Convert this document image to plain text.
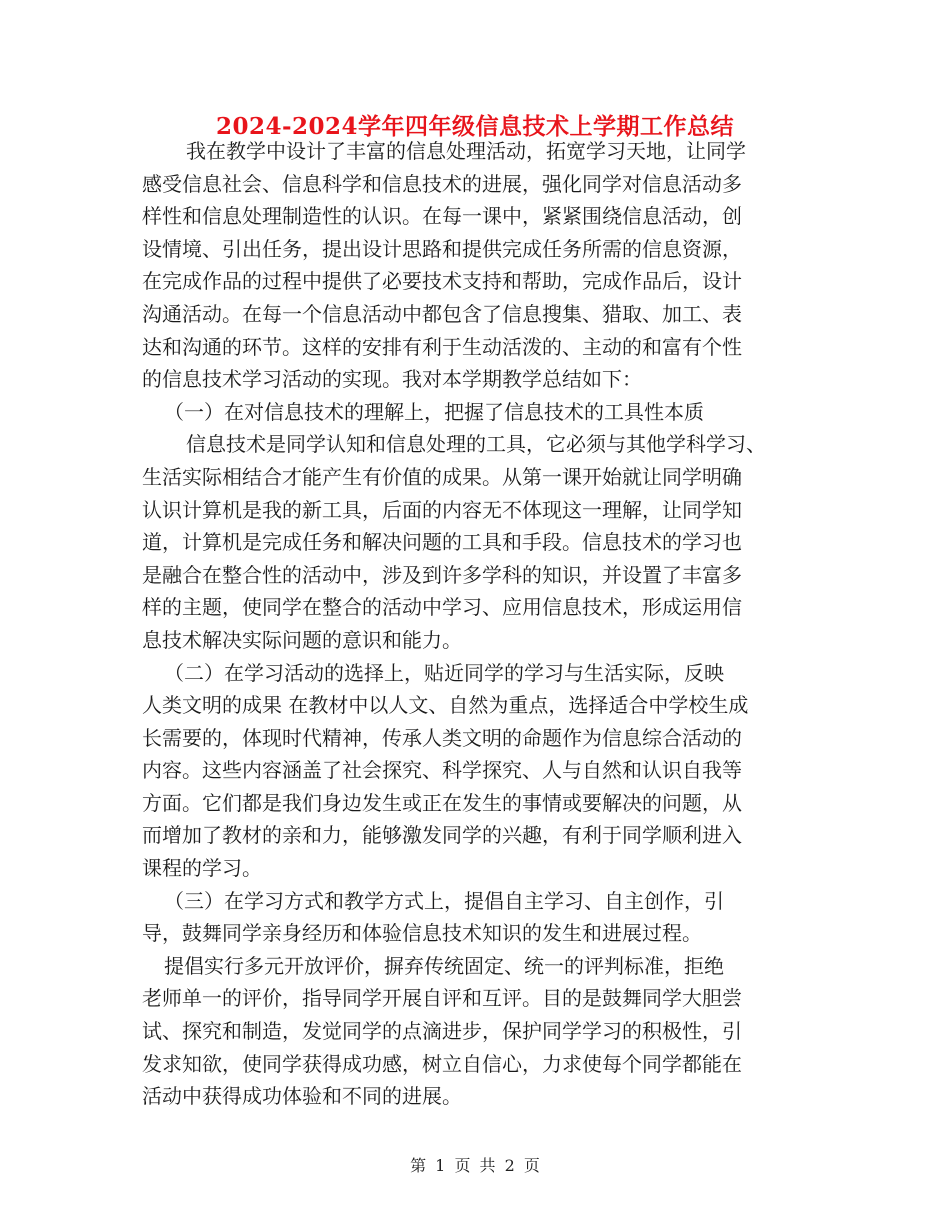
2024-2024学年四年级信息技术上学期工作总结
我在教学中设计了丰富的信息处理活动，拓宽学习天地，让同学
感受信息社会、信息科学和信息技术的进展，强化同学对信息活动多
样性和信息处理制造性的认识。在每一课中，紧紧围绕信息活动，创
设情境、引出任务，提出设计思路和提供完成任务所需的信息资源，
在完成作品的过程中提供了必要技术支持和帮助，完成作品后，设计
沟通活动。在每一个信息活动中都包含了信息搜集、猎取、加工、表
达和沟通的环节。这样的安排有利于生动活泼的、主动的和富有个性
的信息技术学习活动的实现。我对本学期教学总结如下：
（一）在对信息技术的理解上，把握了信息技术的工具性本质
信息技术是同学认知和信息处理的工具，它必须与其他学科学习、
生活实际相结合才能产生有价值的成果。从第一课开始就让同学明确
认识计算机是我的新工具，后面的内容无不体现这一理解，让同学知
道，计算机是完成任务和解决问题的工具和手段。信息技术的学习也
是融合在整合性的活动中，涉及到许多学科的知识，并设置了丰富多
样的主题，使同学在整合的活动中学习、应用信息技术，形成运用信
息技术解决实际问题的意识和能力。
（二）在学习活动的选择上，贴近同学的学习与生活实际，反映
人类文明的成果 在教材中以人文、自然为重点，选择适合中学校生成
长需要的，体现时代精神，传承人类文明的命题作为信息综合活动的
内容。这些内容涵盖了社会探究、科学探究、人与自然和认识自我等
方面。它们都是我们身边发生或正在发生的事情或要解决的问题，从
而增加了教材的亲和力，能够激发同学的兴趣，有利于同学顺利进入
课程的学习。
（三）在学习方式和教学方式上，提倡自主学习、自主创作，引
导，鼓舞同学亲身经历和体验信息技术知识的发生和进展过程。
提倡实行多元开放评价，摒弃传统固定、统一的评判标准，拒绝
老师单一的评价，指导同学开展自评和互评。目的是鼓舞同学大胆尝
试、探究和制造，发觉同学的点滴进步，保护同学学习的积极性，引
发求知欲，使同学获得成功感，树立自信心，力求使每个同学都能在
活动中获得成功体验和不同的进展。
第 1 页 共 2 页
